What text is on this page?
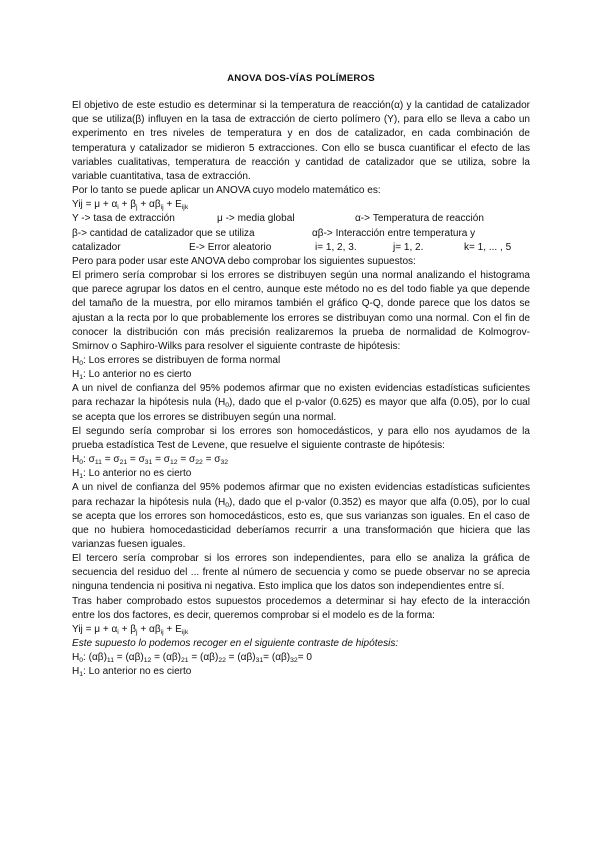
ANOVA DOS-VÍAS POLÍMEROS

El objetivo de este estudio es determinar si la temperatura de reacción(α) y la cantidad de catalizador que se utiliza(β) influyen en la tasa de extracción de cierto polímero (Y), para ello se lleva a cabo un experimento en tres niveles de temperatura y en dos de catalizador, en cada combinación de temperatura y catalizador se midieron 5 extracciones. Con ello se busca cuantificar el efecto de las variables cualitativas, temperatura de reacción y cantidad de catalizador que se utiliza, sobre la variable cuantitativa, tasa de extracción.

Por lo tanto se puede aplicar un ANOVA cuyo modelo matemático es:

Yij = $\mu + \alpha_i + \beta_j + \alpha\beta_{ij} + E_{ijk}$

Y -> tasa de extracción	μ -> media global	α-> Temperatura de reacción
β-> cantidad de catalizador que se utiliza	αβ-> Interacción entre temperatura y
catalizador	E-> Error aleatorio	i= 1, 2, 3.	j= 1, 2.	k= 1, ... , 5

Pero para poder usar este ANOVA debo comprobar los siguientes supuestos:

El primero sería comprobar si los errores se distribuyen según una normal analizando el histograma que parece agrupar los datos en el centro, aunque este método no es del todo fiable ya que depende del tamaño de la muestra, por ello miramos también el gráfico Q-Q, donde parece que los datos se ajustan a la recta por lo que probablemente los errores se distribuyan como una normal. Con el fin de conocer la distribución con más precisión realizaremos la prueba de normalidad de Kolmogrov-Smirnov o Saphiro-Wilks para resolver el siguiente contraste de hipótesis:

$H_0$: Los errores se distribuyen de forma normal

$H_1$: Lo anterior no es cierto

A un nivel de confianza del 95% podemos afirmar que no existen evidencias estadísticas suficientes para rechazar la hipótesis nula $(H_0)$, dado que el p-valor (0.625) es mayor que alfa (0.05), por lo cual se acepta que los errores se distribuyen según una normal.

El segundo sería comprobar si los errores son homocedásticos, y para ello nos ayudamos de la prueba estadística Test de Levene, que resuelve el siguiente contraste de hipótesis:

$H_0$: $\sigma_{11} = \sigma_{21} = \sigma_{31} = \sigma_{12} = \sigma_{22} = \sigma_{32}$

$H_1$: Lo anterior no es cierto

A un nivel de confianza del 95% podemos afirmar que no existen evidencias estadísticas suficientes para rechazar la hipótesis nula $(H_0)$, dado que el p-valor (0.352) es mayor que alfa (0.05), por lo cual se acepta que los errores son homocedásticos, esto es, que sus varianzas son iguales. En el caso de que no hubiera homocedasticidad deberíamos recurrir a una transformación que hiciera que las varianzas fuesen iguales.

El tercero sería comprobar si los errores son independientes, para ello se analiza la gráfica de secuencia del residuo del ... frente al número de secuencia y como se puede observar no se aprecia ninguna tendencia ni positiva ni negativa. Esto implica que los datos son independientes entre sí.

Tras haber comprobado estos supuestos procedemos a determinar si hay efecto de la interacción entre los dos factores, es decir, queremos comprobar si el modelo es de la forma:

Yij = $\mu + \alpha_i + \beta_j + \alpha\beta_{ij} + E_{ijk}$

Este supuesto lo podemos recoger en el siguiente contraste de hipótesis:

$H_0$: $(\alpha\beta)_{11} = (\alpha\beta)_{12} = (\alpha\beta)_{21} = (\alpha\beta)_{22} = (\alpha\beta)_{31}= (\alpha\beta)_{32}= 0$

$H_1$: Lo anterior no es cierto
